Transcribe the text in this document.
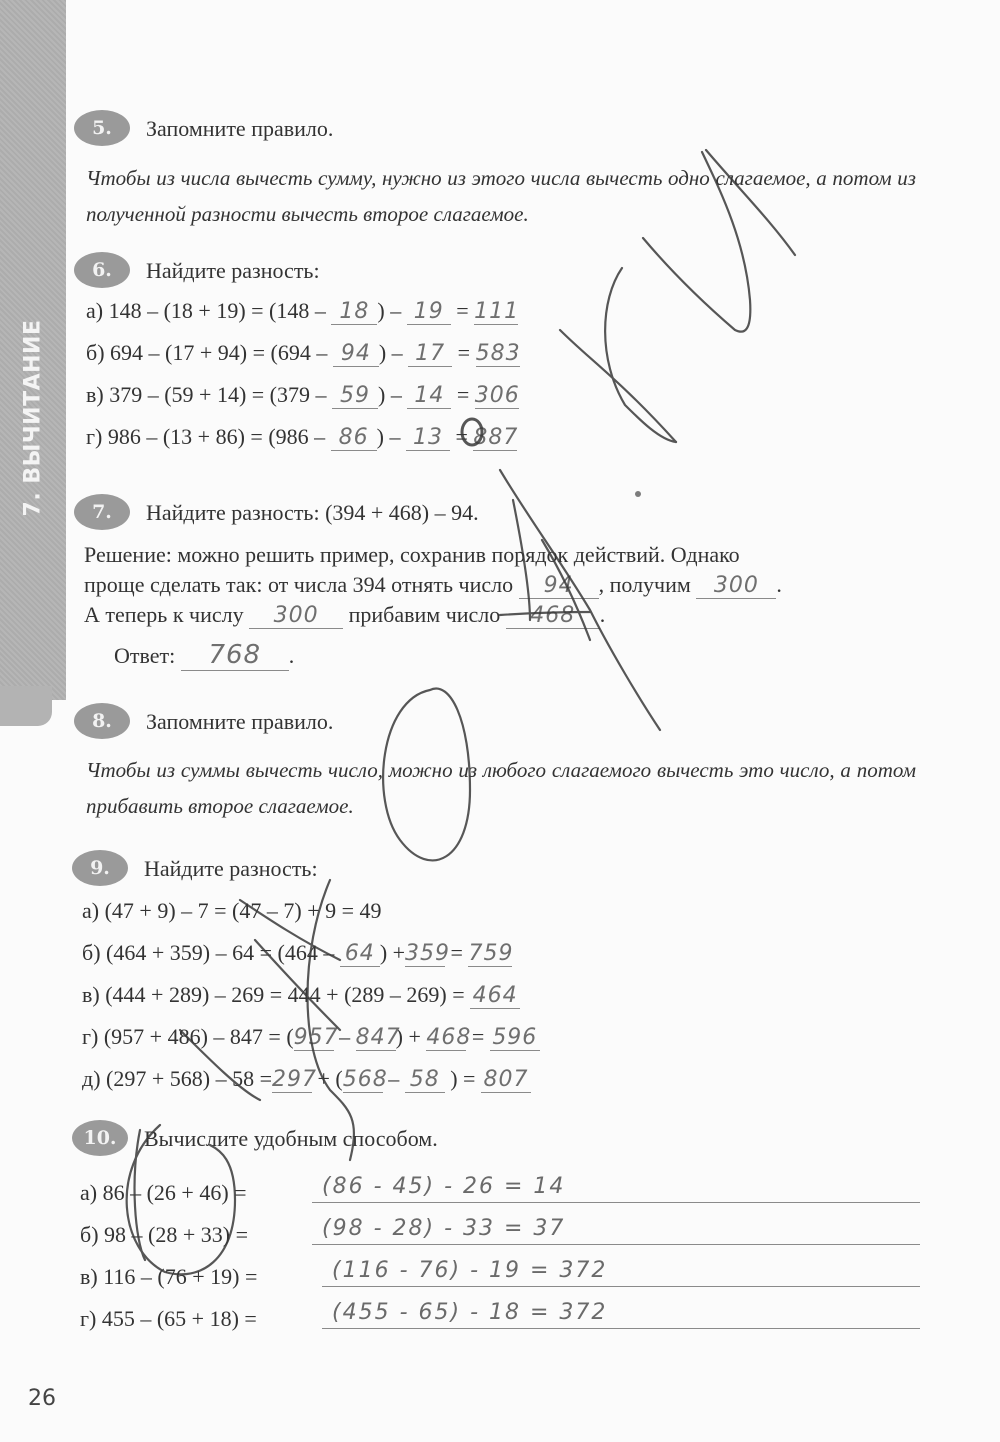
7. ВЫЧИТАНИЕ
5.	Запомните правило.
Чтобы из числа вычесть сумму, нужно из этого числа вычесть одно слагаемое, а потом из полученной разности вычесть второе слагаемое.
6.	Найдите разность:
а) 148 – (18 + 19) = (148 – 18 ) – 19 = 111
б) 694 – (17 + 94) = (694 – 94 ) – 17 = 583
в) 379 – (59 + 14) = (379 – 59 ) – 14 = 306
г) 986 – (13 + 86) = (986 – 86 ) – 13 = 887
7.	Найдите разность: (394 + 468) – 94.
Решение: можно решить пример, сохранив порядок действий. Однако
проще сделать так: от числа 394 отнять число 94 , получим 300 .
А теперь к числу 300 прибавим число 468 .
Ответ: 768 .
8.	Запомните правило.
Чтобы из суммы вычесть число, можно из любого слагаемого вычесть это число, а потом прибавить второе слагаемое.
9.	Найдите разность:
а) (47 + 9) – 7 = (47 – 7) + 9 = 49
б) (464 + 359) – 64 = (464 – 64 ) +359 = 759
в) (444 + 289) – 269 = 444 + (289 – 269) = 464
г) (957 + 486) – 847 = (957 – 847) + 468 = 596
д) (297 + 568) – 58 =297 + (568 – 58 ) = 807
10.	Вычислите удобным способом.
а) 86 – (26 + 46) =	(86 - 45) - 26 = 14
б) 98 – (28 + 33) =	(98 - 28) - 33 = 37
в) 116 – (76 + 19) =	(116 - 76) - 19 = 372
г) 455 – (65 + 18) =	(455 - 65) - 18 = 372
26
